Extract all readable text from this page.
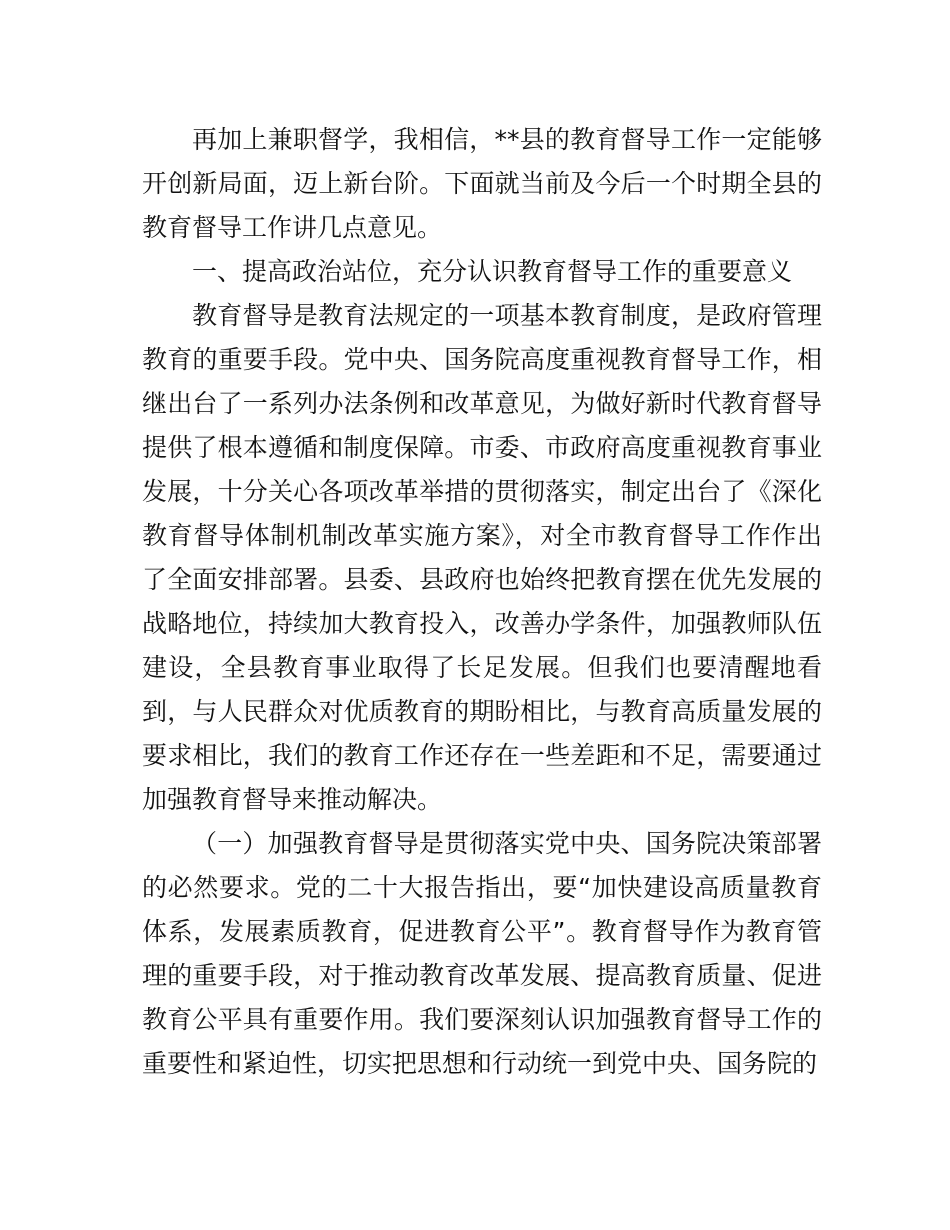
再加上兼职督学，我相信，**县的教育督导工作一定能够开创新局面，迈上新台阶。下面就当前及今后一个时期全县的教育督导工作讲几点意见。

一、提高政治站位，充分认识教育督导工作的重要意义

教育督导是教育法规定的一项基本教育制度，是政府管理教育的重要手段。党中央、国务院高度重视教育督导工作，相继出台了一系列办法条例和改革意见，为做好新时代教育督导提供了根本遵循和制度保障。市委、市政府高度重视教育事业发展，十分关心各项改革举措的贯彻落实，制定出台了《深化教育督导体制机制改革实施方案》，对全市教育督导工作作出了全面安排部署。县委、县政府也始终把教育摆在优先发展的战略地位，持续加大教育投入，改善办学条件，加强教师队伍建设，全县教育事业取得了长足发展。但我们也要清醒地看到，与人民群众对优质教育的期盼相比，与教育高质量发展的要求相比，我们的教育工作还存在一些差距和不足，需要通过加强教育督导来推动解决。

（一）加强教育督导是贯彻落实党中央、国务院决策部署的必然要求。党的二十大报告指出，要“加快建设高质量教育体系，发展素质教育，促进教育公平”。教育督导作为教育管理的重要手段，对于推动教育改革发展、提高教育质量、促进教育公平具有重要作用。我们要深刻认识加强教育督导工作的重要性和紧迫性，切实把思想和行动统一到党中央、国务院的
